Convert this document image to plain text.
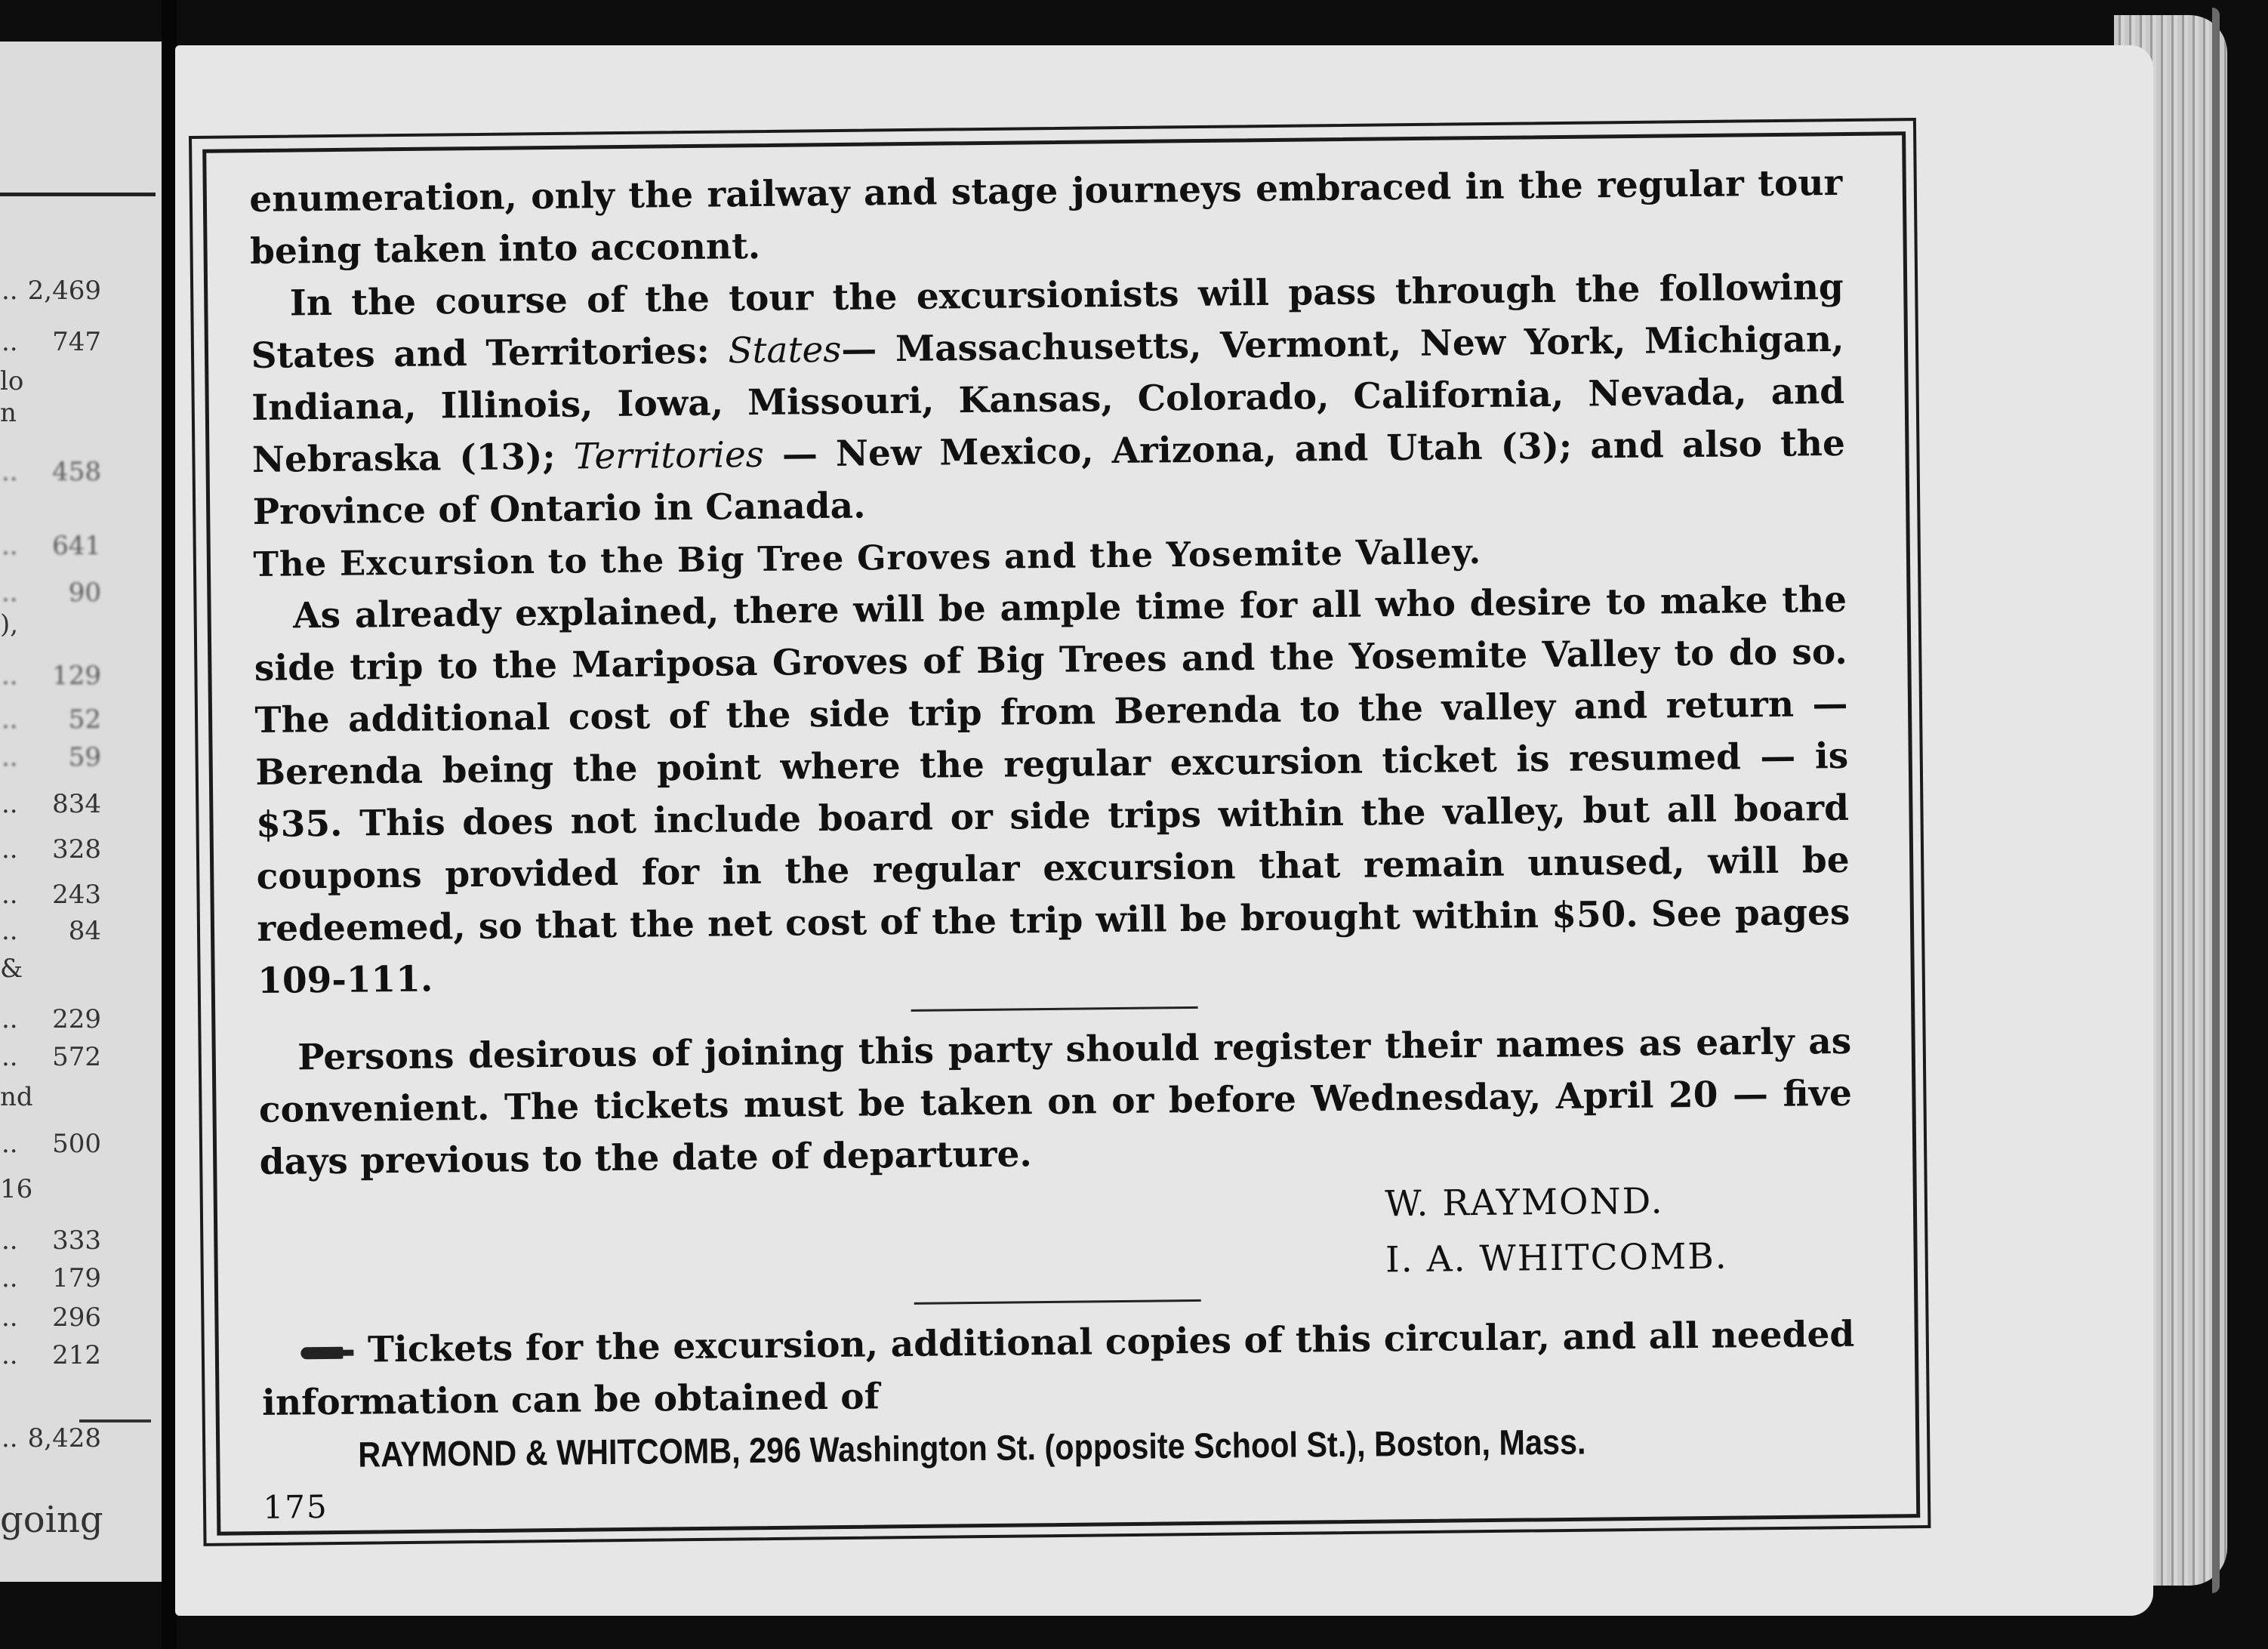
.. 2,469
.. 747
lo
n
.. 458
.. 641
.. 90
),
.. 129
.. 52
.. 59
.. 834
.. 328
.. 243
.. 84
&
.. 229
.. 572
nd
.. 500
16
.. 333
.. 179
.. 296
.. 212
.. 8,428
going

enumeration, only the railway and stage journeys embraced in the regular tour being taken into acconnt.

In the course of the tour the excursionists will pass through the following States and Territories: States— Massachusetts, Vermont, New York, Michigan, Indiana, Illinois, Iowa, Missouri, Kansas, Colorado, California, Nevada, and Nebraska (13); Territories — New Mexico, Arizona, and Utah (3); and also the Province of Ontario in Canada.

The Excursion to the Big Tree Groves and the Yosemite Valley.

As already explained, there will be ample time for all who desire to make the side trip to the Mariposa Groves of Big Trees and the Yosemite Valley to do so. The additional cost of the side trip from Berenda to the valley and return — Berenda being the point where the regular excursion ticket is resumed — is $35. This does not include board or side trips within the valley, but all board coupons provided for in the regular excursion that remain unused, will be redeemed, so that the net cost of the trip will be brought within $50. See pages 109-111.

Persons desirous of joining this party should register their names as early as convenient. The tickets must be taken on or before Wednesday, April 20 — five days previous to the date of departure.

W. RAYMOND.

I. A. WHITCOMB.

Tickets for the excursion, additional copies of this circular, and all needed information can be obtained of

RAYMOND & WHITCOMB, 296 Washington St. (opposite School St.), Boston, Mass.

175
